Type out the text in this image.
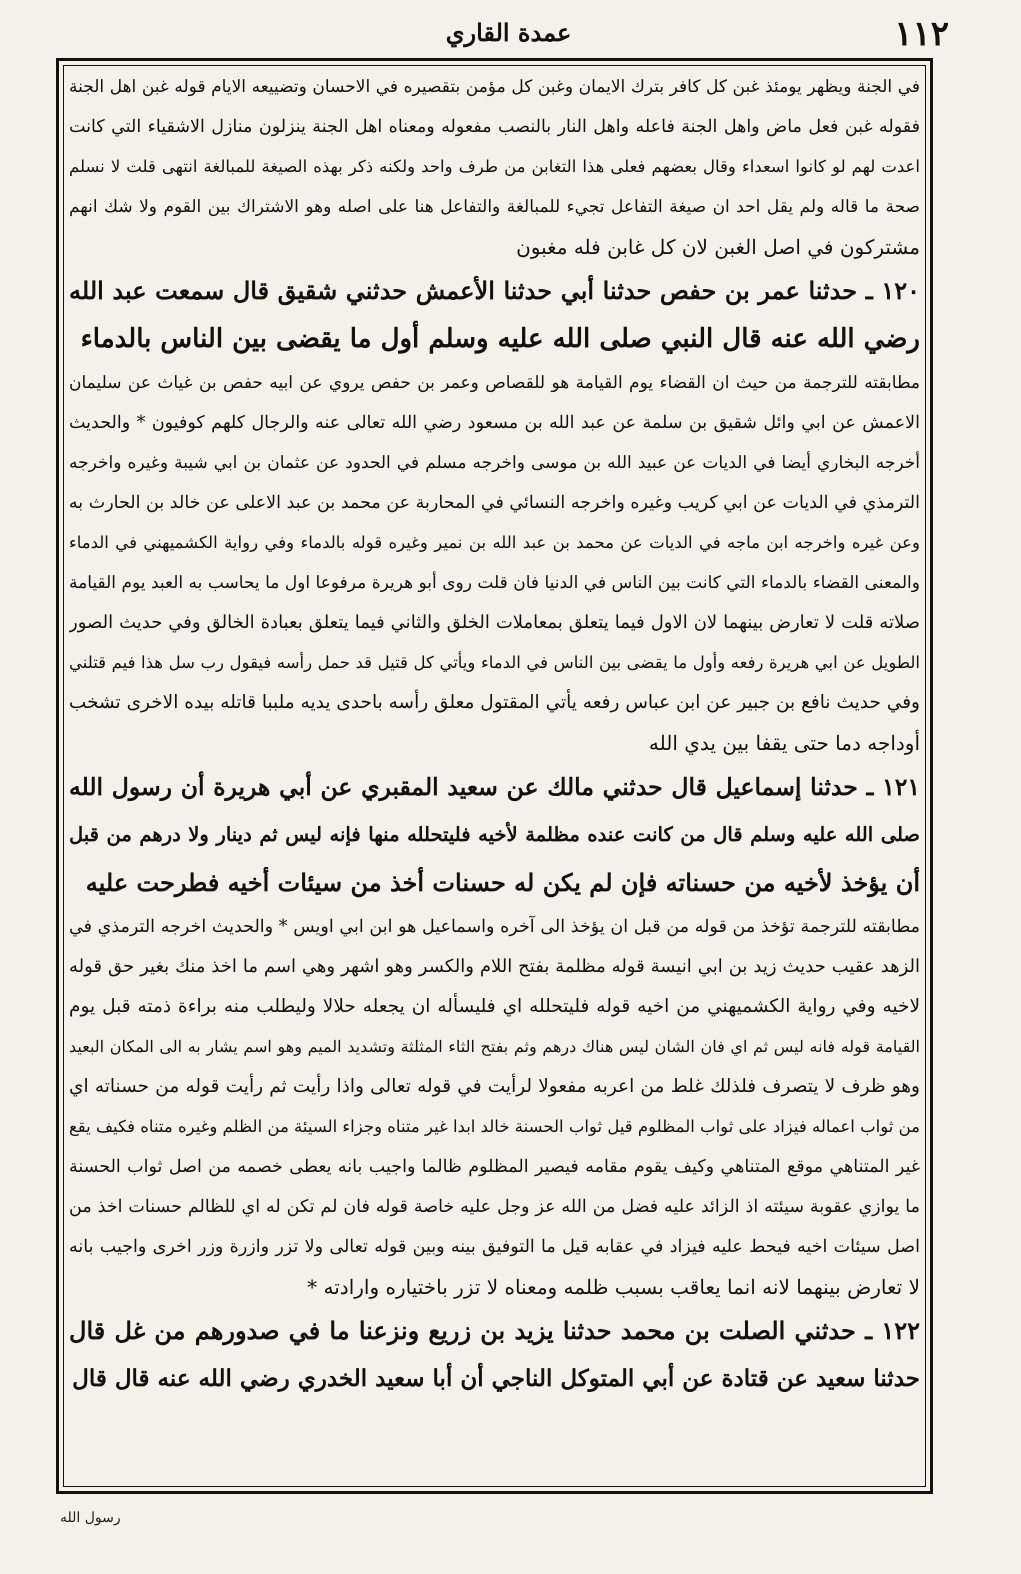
عمدة القاري	١١٢
في الجنة ويظهر يومئذ غبن كل كافر بترك الايمان وغبن كل مؤمن بتقصيره في الاحسان وتضييعه الايام قوله غبن اهل الجنة
فقوله غبن فعل ماض واهل الجنة فاعله واهل النار بالنصب مفعوله ومعناه اهل الجنة ينزلون منازل الاشقياء التي كانت
اعدت لهم لو كانوا اسعداء وقال بعضهم فعلى هذا التغابن من طرف واحد ولكنه ذكر بهذه الصيغة للمبالغة انتهى قلت لا نسلم
صحة ما قاله ولم يقل احد ان صيغة التفاعل تجيء للمبالغة والتفاعل هنا على اصله وهو الاشتراك بين القوم ولا شك انهم
مشتركون في اصل الغبن لان كل غابن فله مغبون
١٢٠ ـ حدثنا عمر بن حفص حدثنا أبي حدثنا الأعمش حدثني شقيق قال سمعت عبد الله
رضي الله عنه قال النبي صلى الله عليه وسلم أول ما يقضى بين الناس بالدماء
مطابقته للترجمة من حيث ان القضاء يوم القيامة هو للقصاص وعمر بن حفص يروي عن ابيه حفص بن غياث عن سليمان
الاعمش عن ابي وائل شقيق بن سلمة عن عبد الله بن مسعود رضي الله تعالى عنه والرجال كلهم كوفيون * والحديث
أخرجه البخاري أيضا في الديات عن عبيد الله بن موسى واخرجه مسلم في الحدود عن عثمان بن ابي شيبة وغيره واخرجه
الترمذي في الديات عن ابي كريب وغيره واخرجه النسائي في المحاربة عن محمد بن عبد الاعلى عن خالد بن الحارث به
وعن غيره واخرجه ابن ماجه في الديات عن محمد بن عبد الله بن نمير وغيره قوله بالدماء وفي رواية الكشميهني في الدماء
والمعنى القضاء بالدماء التي كانت بين الناس في الدنيا فان قلت روى أبو هريرة مرفوعا اول ما يحاسب به العبد يوم القيامة
صلاته قلت لا تعارض بينهما لان الاول فيما يتعلق بمعاملات الخلق والثاني فيما يتعلق بعبادة الخالق وفي حديث الصور
الطويل عن ابي هريرة رفعه وأول ما يقضى بين الناس في الدماء ويأتي كل قتيل قد حمل رأسه فيقول رب سل هذا فيم قتلني
وفي حديث نافع بن جبير عن ابن عباس رفعه يأتي المقتول معلق رأسه باحدى يديه ملببا قاتله بيده الاخرى تشخب
أوداجه دما حتى يقفا بين يدي الله
١٢١ ـ حدثنا إسماعيل قال حدثني مالك عن سعيد المقبري عن أبي هريرة أن رسول الله
صلى الله عليه وسلم قال من كانت عنده مظلمة لأخيه فليتحلله منها فإنه ليس ثم دينار ولا درهم من قبل
أن يؤخذ لأخيه من حسناته فإن لم يكن له حسنات أخذ من سيئات أخيه فطرحت عليه
مطابقته للترجمة تؤخذ من قوله من قبل ان يؤخذ الى آخره واسماعيل هو ابن ابي اويس * والحديث اخرجه الترمذي في
الزهد عقيب حديث زيد بن ابي انيسة قوله مظلمة بفتح اللام والكسر وهو اشهر وهي اسم ما اخذ منك بغير حق قوله
لاخيه وفي رواية الكشميهني من اخيه قوله فليتحلله اي فليسأله ان يجعله حلالا وليطلب منه براءة ذمته قبل يوم
القيامة قوله فانه ليس ثم اي فان الشان ليس هناك درهم وثم بفتح الثاء المثلثة وتشديد الميم وهو اسم يشار به الى المكان البعيد
وهو ظرف لا يتصرف فلذلك غلط من اعربه مفعولا لرأيت في قوله تعالى واذا رأيت ثم رأيت قوله من حسناته اي
من ثواب اعماله فيزاد على ثواب المظلوم قيل ثواب الحسنة خالد ابدا غير متناه وجزاء السيئة من الظلم وغيره متناه فكيف يقع
غير المتناهي موقع المتناهي وكيف يقوم مقامه فيصير المظلوم ظالما واجيب بانه يعطى خصمه من اصل ثواب الحسنة
ما يوازي عقوبة سيئته اذ الزائد عليه فضل من الله عز وجل عليه خاصة قوله فان لم تكن له اي للظالم حسنات اخذ من
اصل سيئات اخيه فيحط عليه فيزاد في عقابه قيل ما التوفيق بينه وبين قوله تعالى ولا تزر وازرة وزر اخرى واجيب بانه
لا تعارض بينهما لانه انما يعاقب بسبب ظلمه ومعناه لا تزر باختياره وارادته *
١٢٢ ـ حدثني الصلت بن محمد حدثنا يزيد بن زريع ونزعنا ما في صدورهم من غل قال
حدثنا سعيد عن قتادة عن أبي المتوكل الناجي أن أبا سعيد الخدري رضي الله عنه قال قال
رسول الله
